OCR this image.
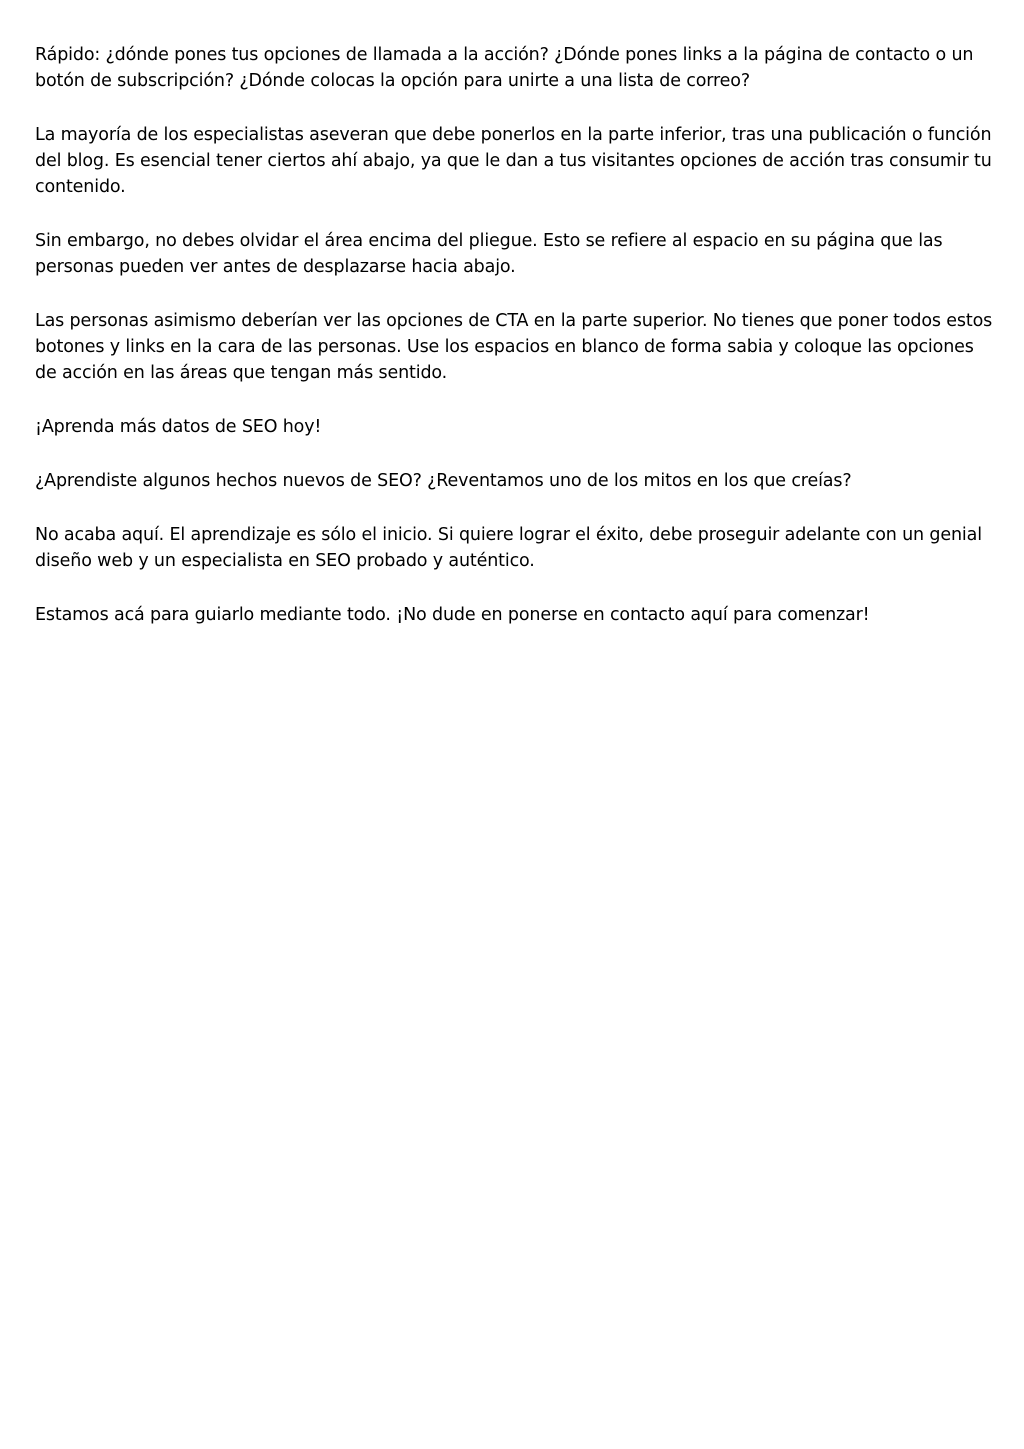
Rápido: ¿dónde pones tus opciones de llamada a la acción? ¿Dónde pones links a la página de contacto o un botón de subscripción? ¿Dónde colocas la opción para unirte a una lista de correo?

La mayoría de los especialistas aseveran que debe ponerlos en la parte inferior, tras una publicación o función del blog. Es esencial tener ciertos ahí abajo, ya que le dan a tus visitantes opciones de acción tras consumir tu contenido.

Sin embargo, no debes olvidar el área encima del pliegue. Esto se refiere al espacio en su página que las personas pueden ver antes de desplazarse hacia abajo.

Las personas asimismo deberían ver las opciones de CTA en la parte superior. No tienes que poner todos estos botones y links en la cara de las personas. Use los espacios en blanco de forma sabia y coloque las opciones de acción en las áreas que tengan más sentido.

¡Aprenda más datos de SEO hoy!

¿Aprendiste algunos hechos nuevos de SEO? ¿Reventamos uno de los mitos en los que creías?

No acaba aquí. El aprendizaje es sólo el inicio. Si quiere lograr el éxito, debe proseguir adelante con un genial diseño web y un especialista en SEO probado y auténtico.

Estamos acá para guiarlo mediante todo. ¡No dude en ponerse en contacto aquí para comenzar!
